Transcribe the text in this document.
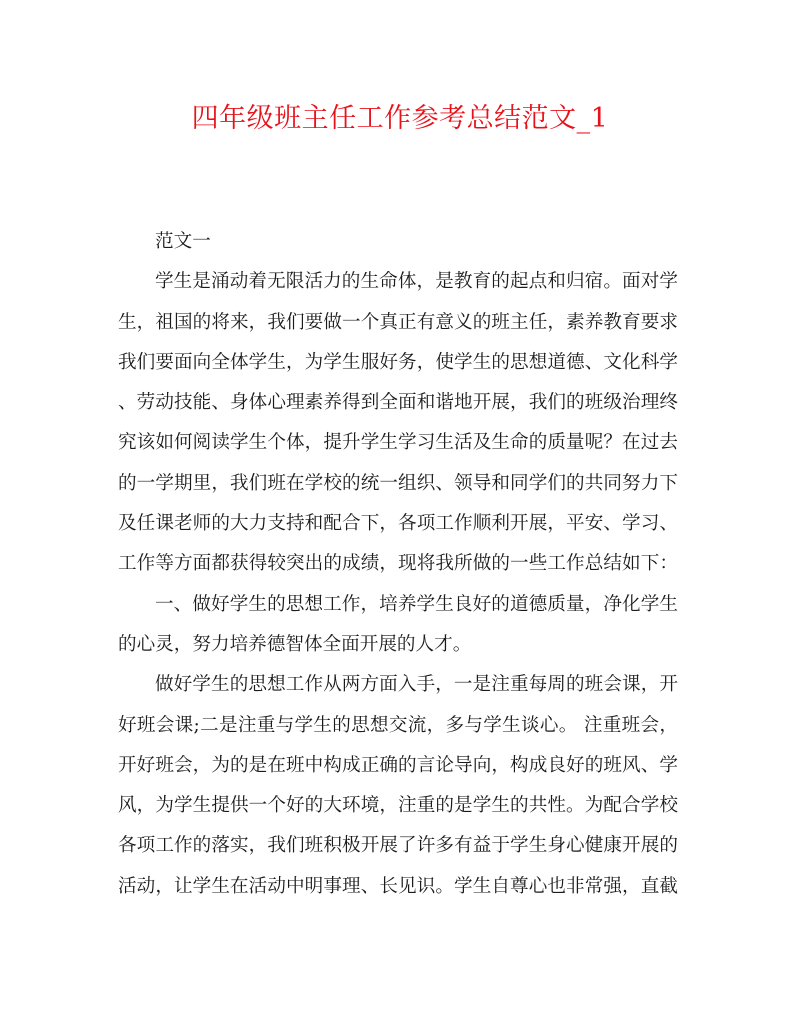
四年级班主任工作参考总结范文_1

范文一

学生是涌动着无限活力的生命体，是教育的起点和归宿。面对学
生，祖国的将来，我们要做一个真正有意义的班主任，素养教育要求
我们要面向全体学生，为学生服好务，使学生的思想道德、文化科学
、劳动技能、身体心理素养得到全面和谐地开展，我们的班级治理终
究该如何阅读学生个体，提升学生学习生活及生命的质量呢？在过去
的一学期里，我们班在学校的统一组织、领导和同学们的共同努力下
及任课老师的大力支持和配合下，各项工作顺利开展，平安、学习、
工作等方面都获得较突出的成绩，现将我所做的一些工作总结如下：

一、做好学生的思想工作，培养学生良好的道德质量，净化学生
的心灵，努力培养德智体全面开展的人才。

做好学生的思想工作从两方面入手，一是注重每周的班会课，开
好班会课;二是注重与学生的思想交流，多与学生谈心。 注重班会，
开好班会，为的是在班中构成正确的言论导向，构成良好的班风、学
风，为学生提供一个好的大环境，注重的是学生的共性。为配合学校
各项工作的落实，我们班积极开展了许多有益于学生身心健康开展的
活动，让学生在活动中明事理、长见识。学生自尊心也非常强，直截
